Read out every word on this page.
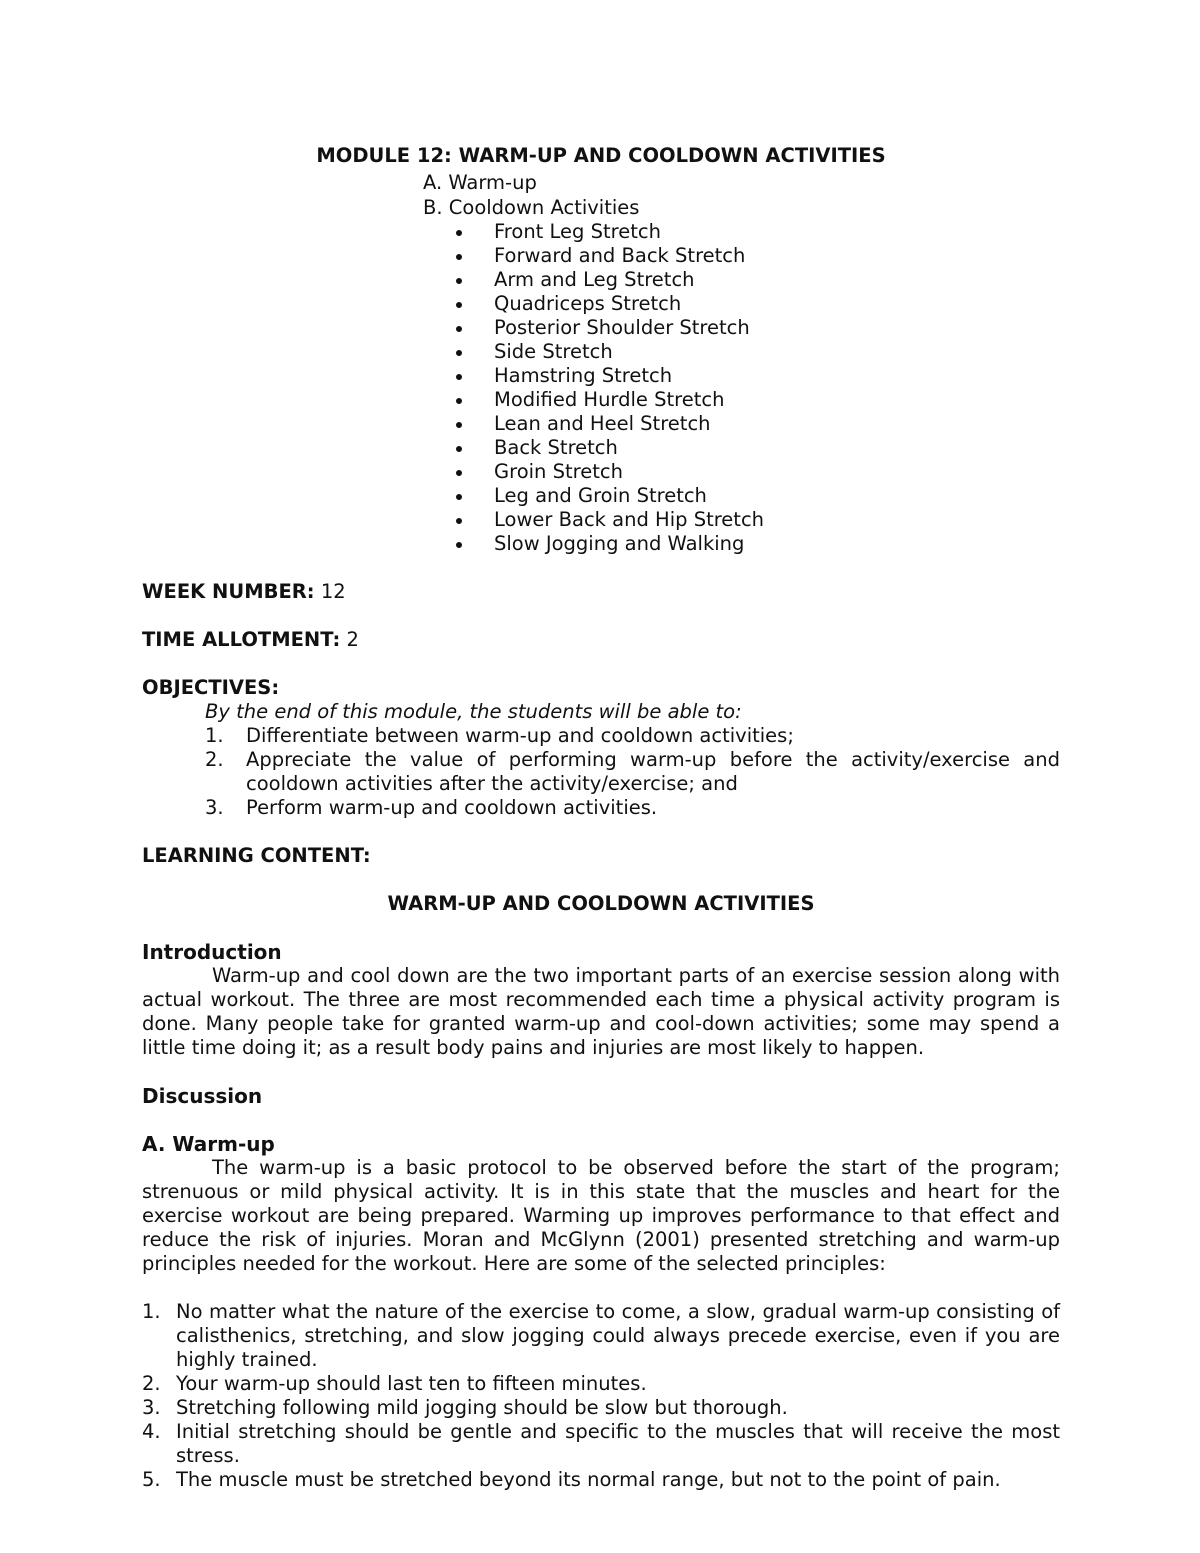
MODULE 12: WARM-UP AND COOLDOWN ACTIVITIES
A. Warm-up
B. Cooldown Activities
Front Leg Stretch
Forward and Back Stretch
Arm and Leg Stretch
Quadriceps Stretch
Posterior Shoulder Stretch
Side Stretch
Hamstring Stretch
Modified Hurdle Stretch
Lean and Heel Stretch
Back Stretch
Groin Stretch
Leg and Groin Stretch
Lower Back and Hip Stretch
Slow Jogging and Walking
WEEK NUMBER: 12
TIME ALLOTMENT: 2
OBJECTIVES:
By the end of this module, the students will be able to:
1. Differentiate between warm-up and cooldown activities;
2. Appreciate the value of performing warm-up before the activity/exercise and cooldown activities after the activity/exercise; and
3. Perform warm-up and cooldown activities.
LEARNING CONTENT:
WARM-UP AND COOLDOWN ACTIVITIES
Introduction
Warm-up and cool down are the two important parts of an exercise session along with actual workout. The three are most recommended each time a physical activity program is done. Many people take for granted warm-up and cool-down activities; some may spend a little time doing it; as a result body pains and injuries are most likely to happen.
Discussion
A. Warm-up
The warm-up is a basic protocol to be observed before the start of the program; strenuous or mild physical activity. It is in this state that the muscles and heart for the exercise workout are being prepared. Warming up improves performance to that effect and reduce the risk of injuries. Moran and McGlynn (2001) presented stretching and warm-up principles needed for the workout. Here are some of the selected principles:
1. No matter what the nature of the exercise to come, a slow, gradual warm-up consisting of calisthenics, stretching, and slow jogging could always precede exercise, even if you are highly trained.
2. Your warm-up should last ten to fifteen minutes.
3. Stretching following mild jogging should be slow but thorough.
4. Initial stretching should be gentle and specific to the muscles that will receive the most stress.
5. The muscle must be stretched beyond its normal range, but not to the point of pain.
